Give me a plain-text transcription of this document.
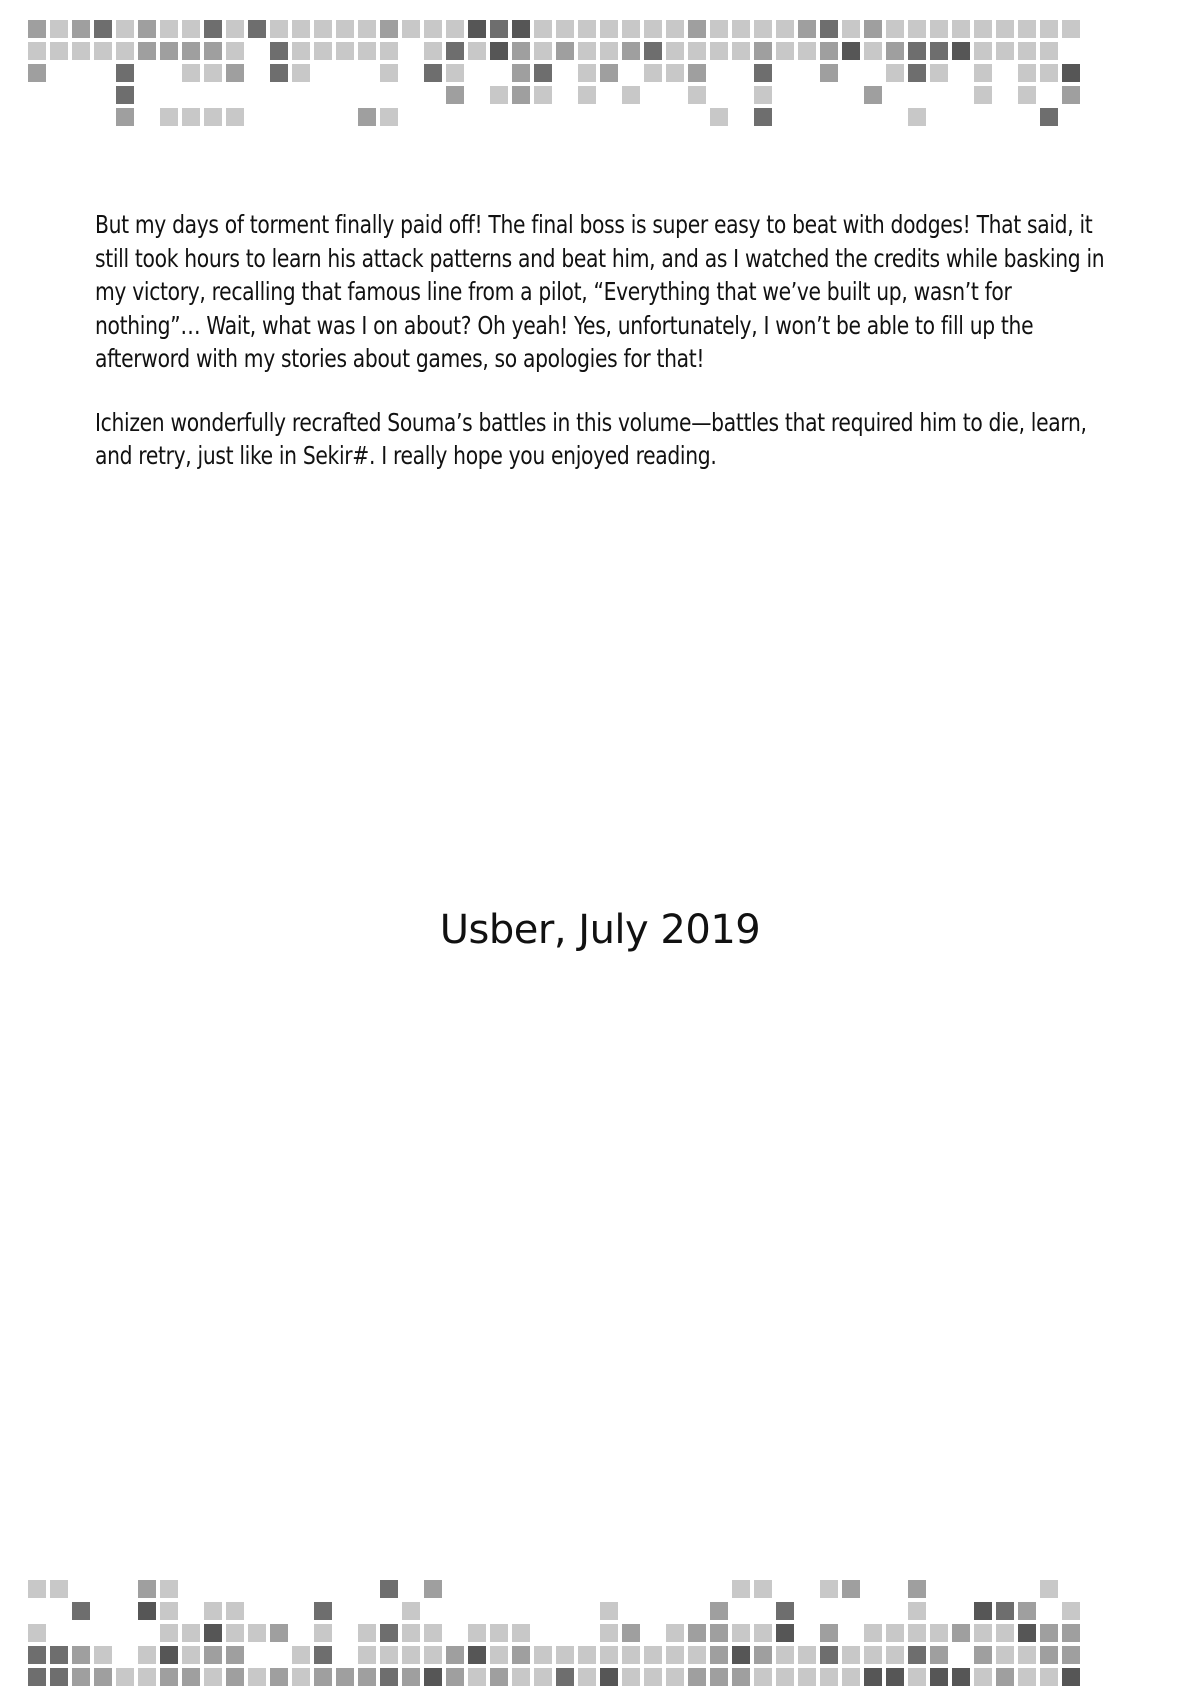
But my days of torment finally paid off! The final boss is super easy to beat with dodges! That said, it still took hours to learn his attack patterns and beat him, and as I watched the credits while basking in my victory, recalling that famous line from a pilot, “Everything that we’ve built up, wasn’t for nothing”… Wait, what was I on about? Oh yeah! Yes, unfortunately, I won’t be able to fill up the afterword with my stories about games, so apologies for that!

Ichizen wonderfully recrafted Souma’s battles in this volume—battles that required him to die, learn, and retry, just like in Sekir#. I really hope you enjoyed reading.

Usber, July 2019
